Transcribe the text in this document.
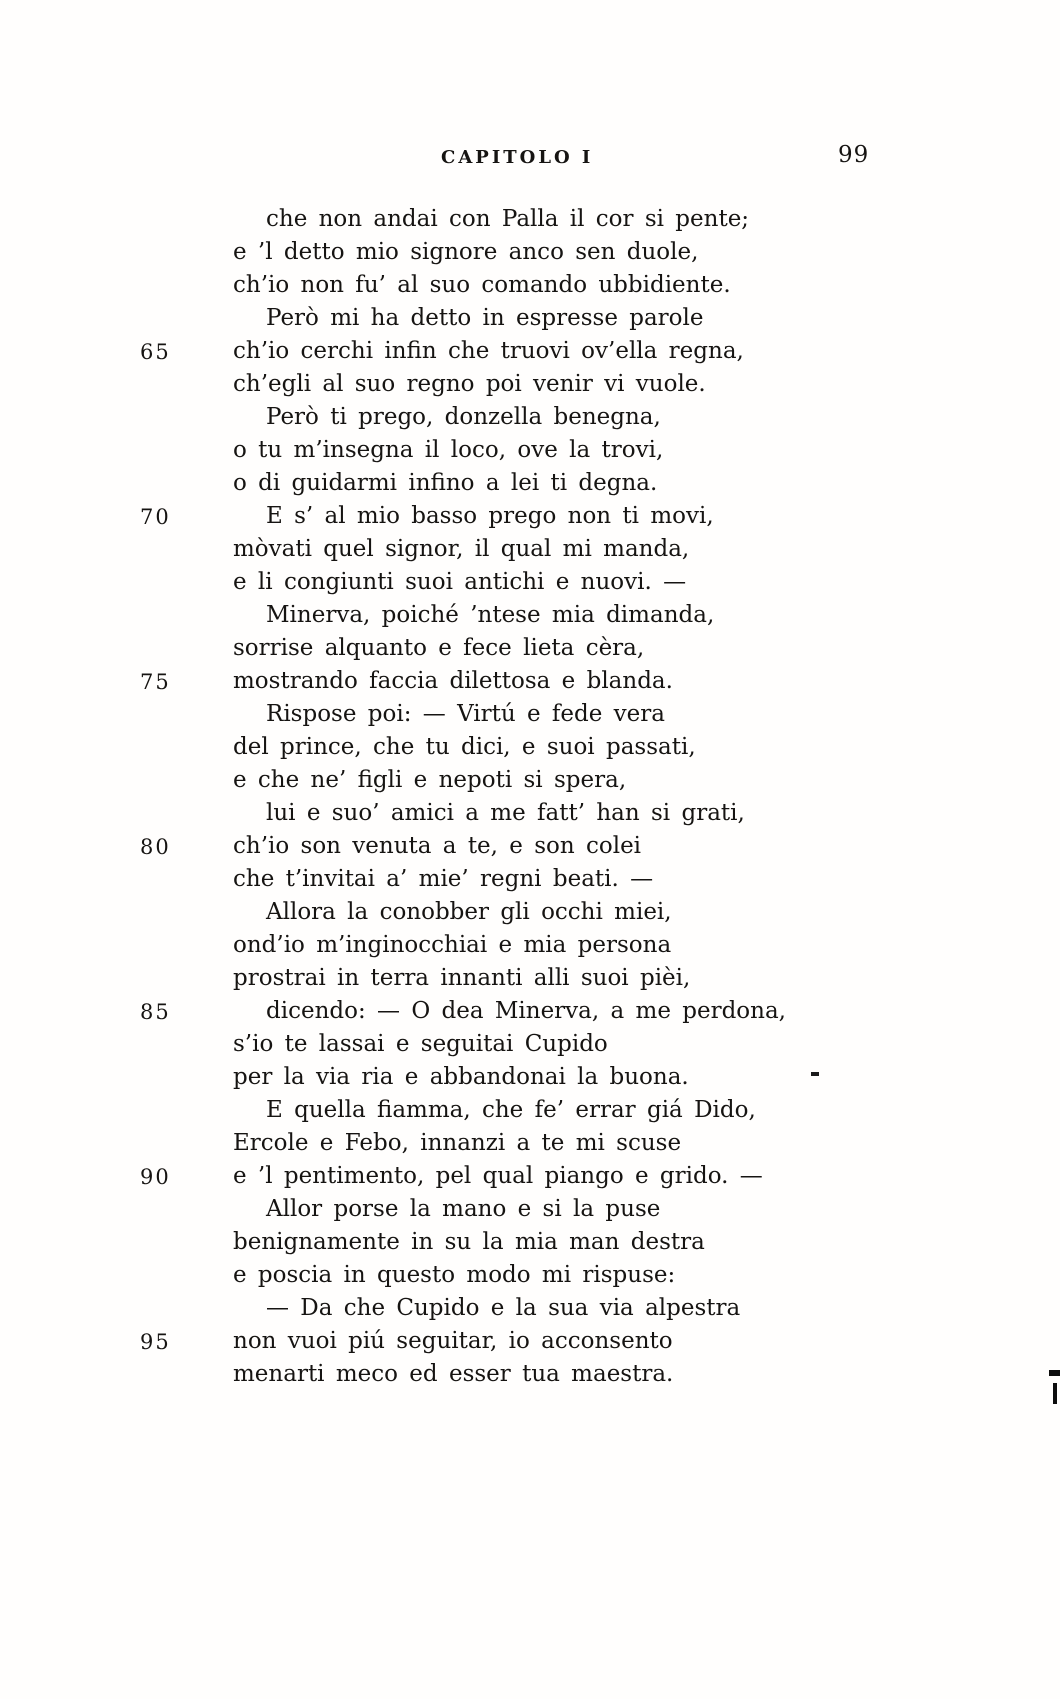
CAPITOLO I	99
che non andai con Palla il cor si pente;
e ’l detto mio signore anco sen duole,
ch’io non fu’ al suo comando ubbidiente.
Però mi ha detto in espresse parole
65	ch’io cerchi infin che truovi ov’ella regna,
ch’egli al suo regno poi venir vi vuole.
Però ti prego, donzella benegna,
o tu m’insegna il loco, ove la trovi,
o di guidarmi infino a lei ti degna.
70	E s’ al mio basso prego non ti movi,
mòvati quel signor, il qual mi manda,
e li congiunti suoi antichi e nuovi. —
Minerva, poiché ’ntese mia dimanda,
sorrise alquanto e fece lieta cèra,
75	mostrando faccia dilettosa e blanda.
Rispose poi: — Virtú e fede vera
del prince, che tu dici, e suoi passati,
e che ne’ figli e nepoti si spera,
lui e suo’ amici a me fatt’ han si grati,
80	ch’io son venuta a te, e son colei
che t’invitai a’ mie’ regni beati. —
Allora la conobber gli occhi miei,
ond’io m’inginocchiai e mia persona
prostrai in terra innanti alli suoi pièi,
85	dicendo: — O dea Minerva, a me perdona,
s’io te lassai e seguitai Cupido
per la via ria e abbandonai la buona.
E quella fiamma, che fe’ errar giá Dido,
Ercole e Febo, innanzi a te mi scuse
90	e ’l pentimento, pel qual piango e grido. —
Allor porse la mano e si la puse
benignamente in su la mia man destra
e poscia in questo modo mi rispuse:
— Da che Cupido e la sua via alpestra
95	non vuoi piú seguitar, io acconsento
menarti meco ed esser tua maestra.
